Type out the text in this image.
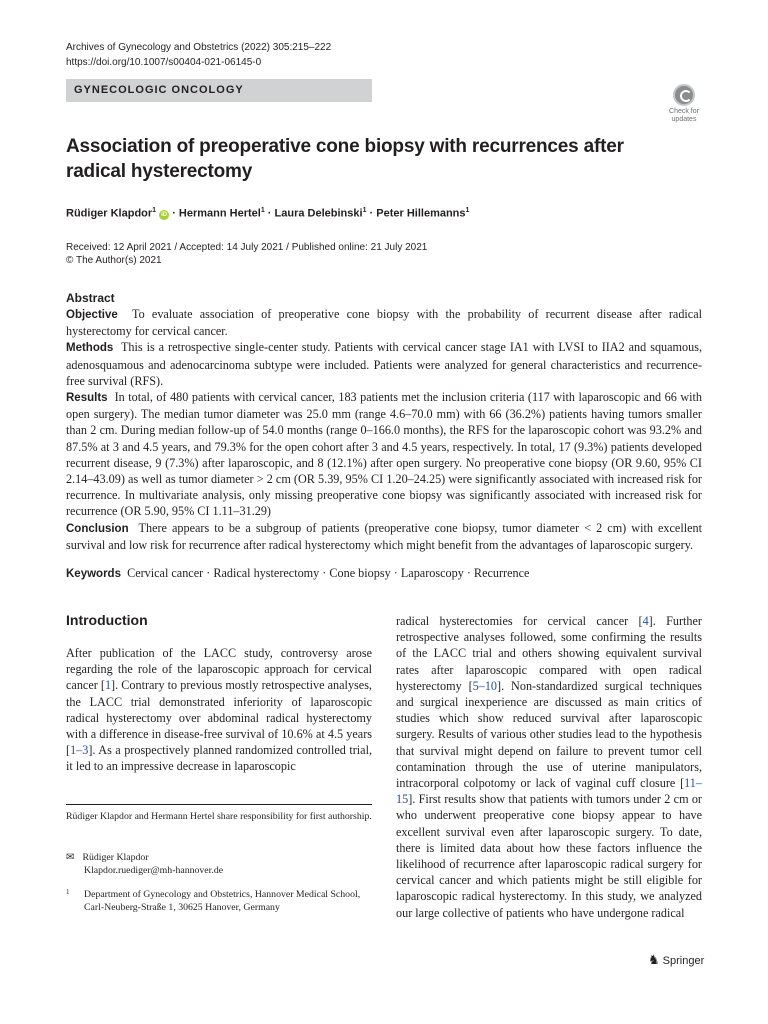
Archives of Gynecology and Obstetrics (2022) 305:215–222
https://doi.org/10.1007/s00404-021-06145-0
GYNECOLOGIC ONCOLOGY
Check for updates
Association of preoperative cone biopsy with recurrences after radical hysterectomy
Rüdiger Klapdor$^1$ iD · Hermann Hertel$^1$ · Laura Delebinski$^1$ · Peter Hillemanns$^1$
Received: 12 April 2021 / Accepted: 14 July 2021 / Published online: 21 July 2021
© The Author(s) 2021
Abstract

Objective To evaluate association of preoperative cone biopsy with the probability of recurrent disease after radical hysterectomy for cervical cancer.

Methods This is a retrospective single-center study. Patients with cervical cancer stage IA1 with LVSI to IIA2 and squamous, adenosquamous and adenocarcinoma subtype were included. Patients were analyzed for general characteristics and recurrence-free survival (RFS).

Results In total, of 480 patients with cervical cancer, 183 patients met the inclusion criteria (117 with laparoscopic and 66 with open surgery). The median tumor diameter was 25.0 mm (range 4.6–70.0 mm) with 66 (36.2%) patients having tumors smaller than 2 cm. During median follow-up of 54.0 months (range 0–166.0 months), the RFS for the laparoscopic cohort was 93.2% and 87.5% at 3 and 4.5 years, and 79.3% for the open cohort after 3 and 4.5 years, respectively. In total, 17 (9.3%) patients developed recurrent disease, 9 (7.3%) after laparoscopic, and 8 (12.1%) after open surgery. No preoperative cone biopsy (OR 9.60, 95% CI 2.14–43.09) as well as tumor diameter > 2 cm (OR 5.39, 95% CI 1.20–24.25) were significantly associated with increased risk for recurrence. In multivariate analysis, only missing preoperative cone biopsy was significantly associated with increased risk for recurrence (OR 5.90, 95% CI 1.11–31.29)

Conclusion There appears to be a subgroup of patients (preoperative cone biopsy, tumor diameter < 2 cm) with excellent survival and low risk for recurrence after radical hysterectomy which might benefit from the advantages of laparoscopic surgery.

Keywords Cervical cancer · Radical hysterectomy · Cone biopsy · Laparoscopy · Recurrence
Introduction

After publication of the LACC study, controversy arose regarding the role of the laparoscopic approach for cervical cancer [1]. Contrary to previous mostly retrospective analyses, the LACC trial demonstrated inferiority of laparoscopic radical hysterectomy over abdominal radical hysterectomy with a difference in disease-free survival of 10.6% at 4.5 years [1–3]. As a prospectively planned randomized controlled trial, it led to an impressive decrease in laparoscopic

radical hysterectomies for cervical cancer [4]. Further retrospective analyses followed, some confirming the results of the LACC trial and others showing equivalent survival rates after laparoscopic compared with open radical hysterectomy [5–10]. Non-standardized surgical techniques and surgical inexperience are discussed as main critics of studies which show reduced survival after laparoscopic surgery. Results of various other studies lead to the hypothesis that survival might depend on failure to prevent tumor cell contamination through the use of uterine manipulators, intracorporal colpotomy or lack of vaginal cuff closure [11–15]. First results show that patients with tumors under 2 cm or who underwent preoperative cone biopsy appear to have excellent survival even after laparoscopic surgery. To date, there is limited data about how these factors influence the likelihood of recurrence after laparoscopic radical surgery for cervical cancer and which patients might be still eligible for laparoscopic radical hysterectomy. In this study, we analyzed our large collective of patients who have undergone radical

Rüdiger Klapdor and Hermann Hertel share responsibility for first authorship.
✉ Rüdiger Klapdor
Klapdor.ruediger@mh-hannover.de
1	Department of Gynecology and Obstetrics, Hannover Medical School, Carl-Neuberg-Straße 1, 30625 Hanover, Germany
♞ Springer
